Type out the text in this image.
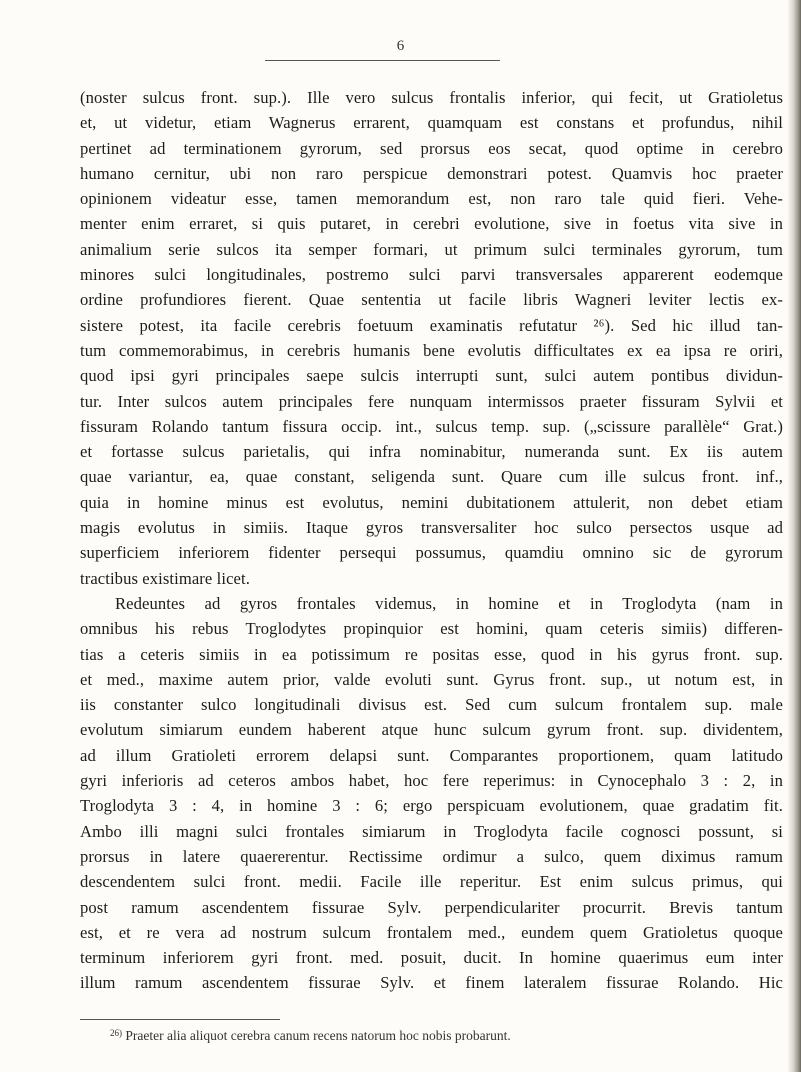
6
(noster sulcus front. sup.). Ille vero sulcus frontalis inferior, qui fecit, ut Gratioletus
et, ut videtur, etiam Wagnerus errarent, quamquam est constans et profundus, nihil
pertinet ad terminationem gyrorum, sed prorsus eos secat, quod optime in cerebro
humano cernitur, ubi non raro perspicue demonstrari potest. Quamvis hoc praeter
opinionem videatur esse, tamen memorandum est, non raro tale quid fieri. Vehe-
menter enim erraret, si quis putaret, in cerebri evolutione, sive in foetus vita sive in
animalium serie sulcos ita semper formari, ut primum sulci terminales gyrorum, tum
minores sulci longitudinales, postremo sulci parvi transversales apparerent eodemque
ordine profundiores fierent. Quae sententia ut facile libris Wagneri leviter lectis ex-
sistere potest, ita facile cerebris foetuum examinatis refutatur ²⁶). Sed hic illud tan-
tum commemorabimus, in cerebris humanis bene evolutis difficultates ex ea ipsa re oriri,
quod ipsi gyri principales saepe sulcis interrupti sunt, sulci autem pontibus dividun-
tur. Inter sulcos autem principales fere nunquam intermissos praeter fissuram Sylvii et
fissuram Rolando tantum fissura occip. int., sulcus temp. sup. („scissure parallèle“ Grat.)
et fortasse sulcus parietalis, qui infra nominabitur, numeranda sunt. Ex iis autem
quae variantur, ea, quae constant, seligenda sunt. Quare cum ille sulcus front. inf.,
quia in homine minus est evolutus, nemini dubitationem attulerit, non debet etiam
magis evolutus in simiis. Itaque gyros transversaliter hoc sulco persectos usque ad
superficiem inferiorem fidenter persequi possumus, quamdiu omnino sic de gyrorum
tractibus existimare licet.
Redeuntes ad gyros frontales videmus, in homine et in Troglodyta (nam in
omnibus his rebus Troglodytes propinquior est homini, quam ceteris simiis) differen-
tias a ceteris simiis in ea potissimum re positas esse, quod in his gyrus front. sup.
et med., maxime autem prior, valde evoluti sunt. Gyrus front. sup., ut notum est, in
iis constanter sulco longitudinali divisus est. Sed cum sulcum frontalem sup. male
evolutum simiarum eundem haberent atque hunc sulcum gyrum front. sup. dividentem,
ad illum Gratioleti errorem delapsi sunt. Comparantes proportionem, quam latitudo
gyri inferioris ad ceteros ambos habet, hoc fere reperimus: in Cynocephalo 3 : 2, in
Troglodyta 3 : 4, in homine 3 : 6; ergo perspicuam evolutionem, quae gradatim fit.
Ambo illi magni sulci frontales simiarum in Troglodyta facile cognosci possunt, si
prorsus in latere quaererentur. Rectissime ordimur a sulco, quem diximus ramum
descendentem sulci front. medii. Facile ille reperitur. Est enim sulcus primus, qui
post ramum ascendentem fissurae Sylv. perpendiculariter procurrit. Brevis tantum
est, et re vera ad nostrum sulcum frontalem med., eundem quem Gratioletus quoque
terminum inferiorem gyri front. med. posuit, ducit. In homine quaerimus eum inter
illum ramum ascendentem fissurae Sylv. et finem lateralem fissurae Rolando. Hic
$^{26)}$ Praeter alia aliquot cerebra canum recens natorum hoc nobis probarunt.
